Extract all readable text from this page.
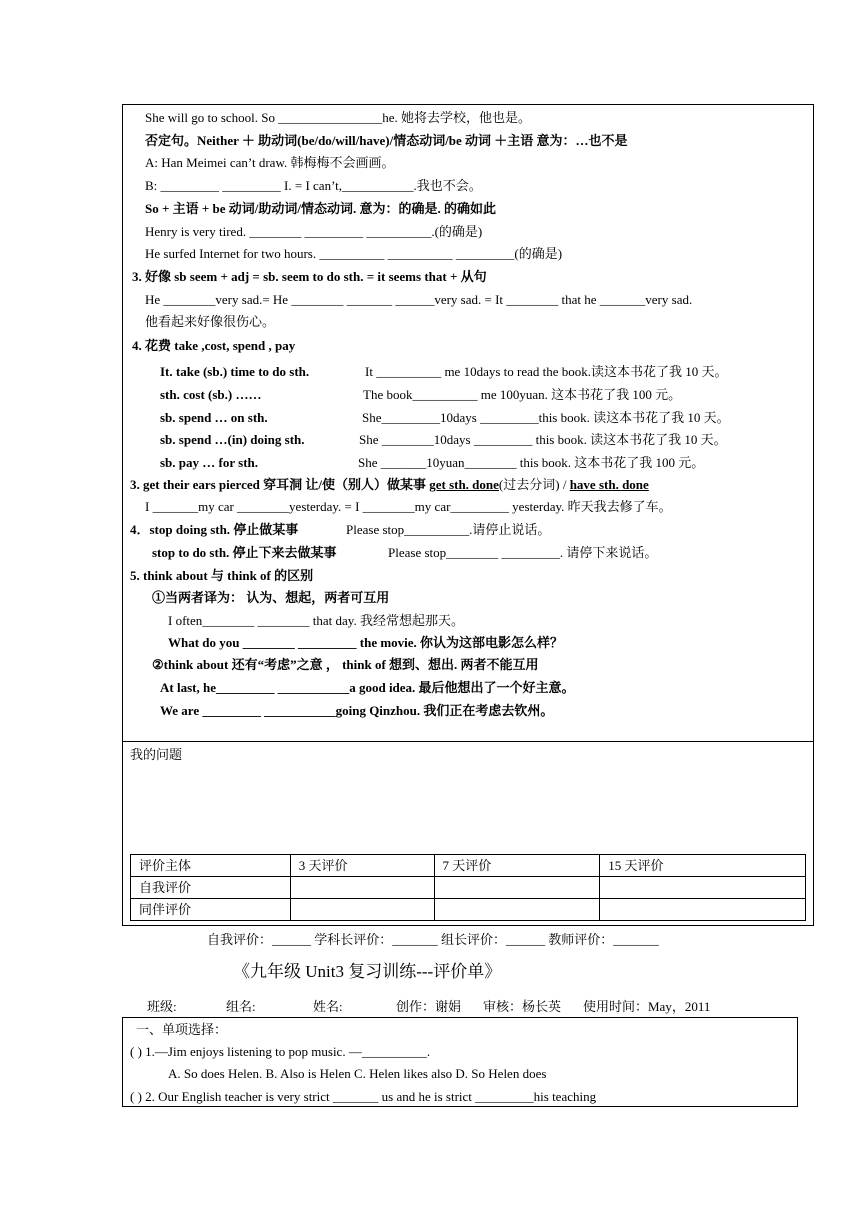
She will go to school. So ________________he. 她将去学校，他也是。
否定句。Neither ＋ 助动词(be/do/will/have)/情态动词/be 动词 ＋主语 意为：…也不是
A: Han Meimei can’t draw. 韩梅梅不会画画。
B: _________ _________ I. = I can’t,___________.我也不会。
So + 主语 + be 动词/助动词/情态动词. 意为：的确是. 的确如此
Henry is very tired. ________ _________ __________.(的确是)
He surfed Internet for two hours. __________ __________ _________(的确是)
3. 好像 sb seem + adj = sb. seem to do sth. = it seems that + 从句
He ________very sad.= He ________ _______ ______very sad. = It ________ that he _______very sad.
他看起来好像很伤心。
4. 花费 take ,cost, spend , pay
It. take (sb.) time to do sth.	It __________ me 10days to read the book.读这本书花了我 10 天。
sth. cost (sb.) ……	The book__________ me 100yuan. 这本书花了我 100 元。
sb. spend … on sth.	She_________10days _________this book. 读这本书花了我 10 天。
sb. spend …(in) doing sth.	She ________10days _________ this book. 读这本书花了我 10 天。
sb. pay … for sth.	She _______10yuan________ this book. 这本书花了我 100 元。
3. get their ears pierced 穿耳洞 让/使（别人）做某事 get sth. done(过去分词) / have sth. done
I _______my car ________yesterday. = I ________my car_________ yesterday. 昨天我去修了车。
4．stop doing sth. 停止做某事	Please stop__________.请停止说话。
stop to do sth. 停止下来去做某事	Please stop________ _________. 请停下来说话。
5. think about 与 think of 的区别
①当两者译为： 认为、想起，两者可互用
I often________ ________ that day. 我经常想起那天。
What do you ________ _________ the movie. 你认为这部电影怎么样？
②think about 还有“考虑”之意 ， think of 想到、想出. 两者不能互用
At last, he_________ ___________a good idea. 最后他想出了一个好主意。
We are _________ ___________going Qinzhou. 我们正在考虑去钦州。
我的问题
评价主体	3 天评价	7 天评价	15 天评价
自我评价			
同伴评价			
自我评价：______ 学科长评价：_______ 组长评价：______ 教师评价：_______
《九年级 Unit3 复习训练---评价单》
班级:	组名:	姓名:	创作：谢娟 审核：杨长英 使用时间：May，2011
一、单项选择：
( ) 1.—Jim enjoys listening to pop music. —__________.
A. So does Helen. B. Also is Helen C. Helen likes also D. So Helen does
( ) 2. Our English teacher is very strict _______ us and he is strict _________his teaching
